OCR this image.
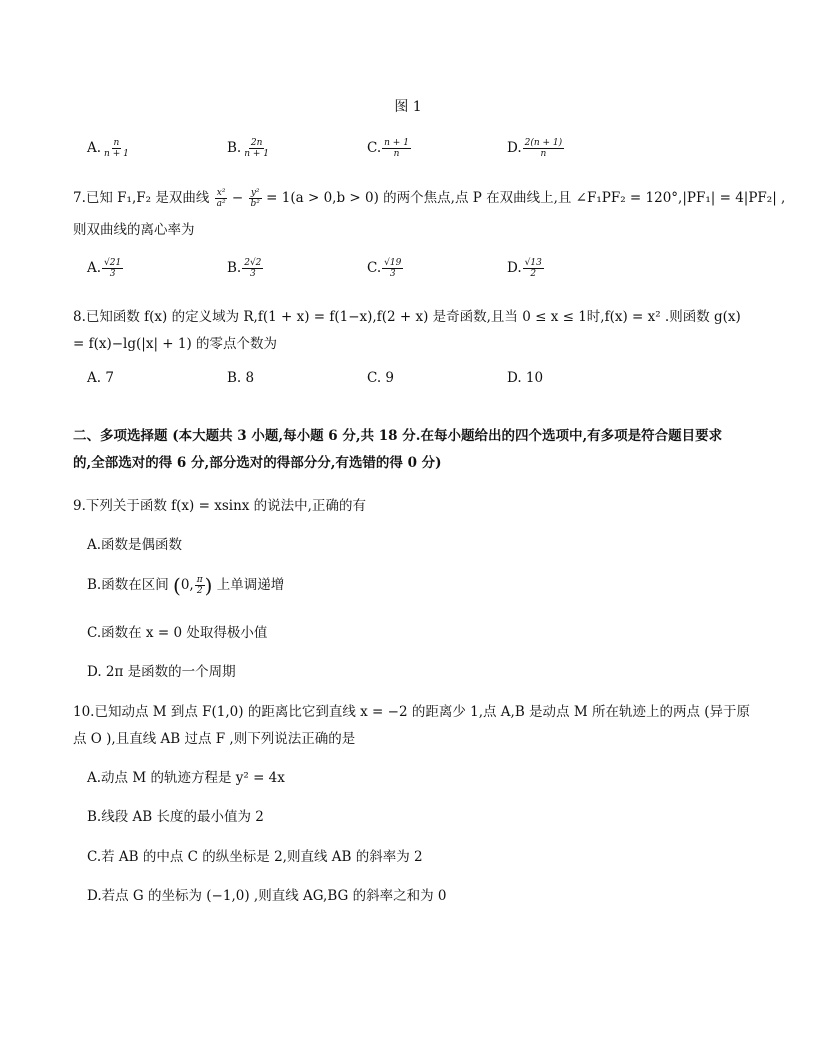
图 1
A. $\frac{n}{n + 1}$	B. $\frac{2n}{n + 1}$	C. $\frac{n + 1}{n}$	D. $\frac{2(n + 1)}{n}$
7.已知 F₁,F₂ 是双曲线 $\frac{\text{x²}}{\text{a²}} - \frac{\text{y²}}{\text{b²}} = 1(a > 0,b > 0)$ 的两个焦点,点 P 在双曲线上,且 ∠F₁PF₂ = 120°,|PF₁| = 4|PF₂| ,
则双曲线的离心率为
A. $\frac{√21}{3}$	B. $\frac{2√2}{3}$	C. $\frac{√19}{3}$	D. $\frac{√13}{2}$
8.已知函数 f(x) 的定义域为 R,f(1 + x) = f(1−x),f(2 + x) 是奇函数,且当 0 ≤ x ≤ 1时,f(x) = x² .则函数 g(x)
= f(x)−lg(|x| + 1) 的零点个数为
A. 7	B. 8	C. 9	D. 10
二、多项选择题 (本大题共 3 小题,每小题 6 分,共 18 分.在每小题给出的四个选项中,有多项是符合题目要求
的,全部选对的得 6 分,部分选对的得部分分,有选错的得 0 分)
9.下列关于函数 f(x) = xsinx 的说法中,正确的有
A.函数是偶函数
B.函数在区间 (0, $\frac{\pi}{2}$ ) 上单调递增
C.函数在 x = 0 处取得极小值
D. 2π 是函数的一个周期
10.已知动点 M 到点 F(1,0) 的距离比它到直线 x = −2 的距离少 1,点 A,B 是动点 M 所在轨迹上的两点 (异于原
点 O ),且直线 AB 过点 F ,则下列说法正确的是
A.动点 M 的轨迹方程是 y² = 4x
B.线段 AB 长度的最小值为 2
C.若 AB 的中点 C 的纵坐标是 2,则直线 AB 的斜率为 2
D.若点 G 的坐标为 (−1,0) ,则直线 AG,BG 的斜率之和为 0
